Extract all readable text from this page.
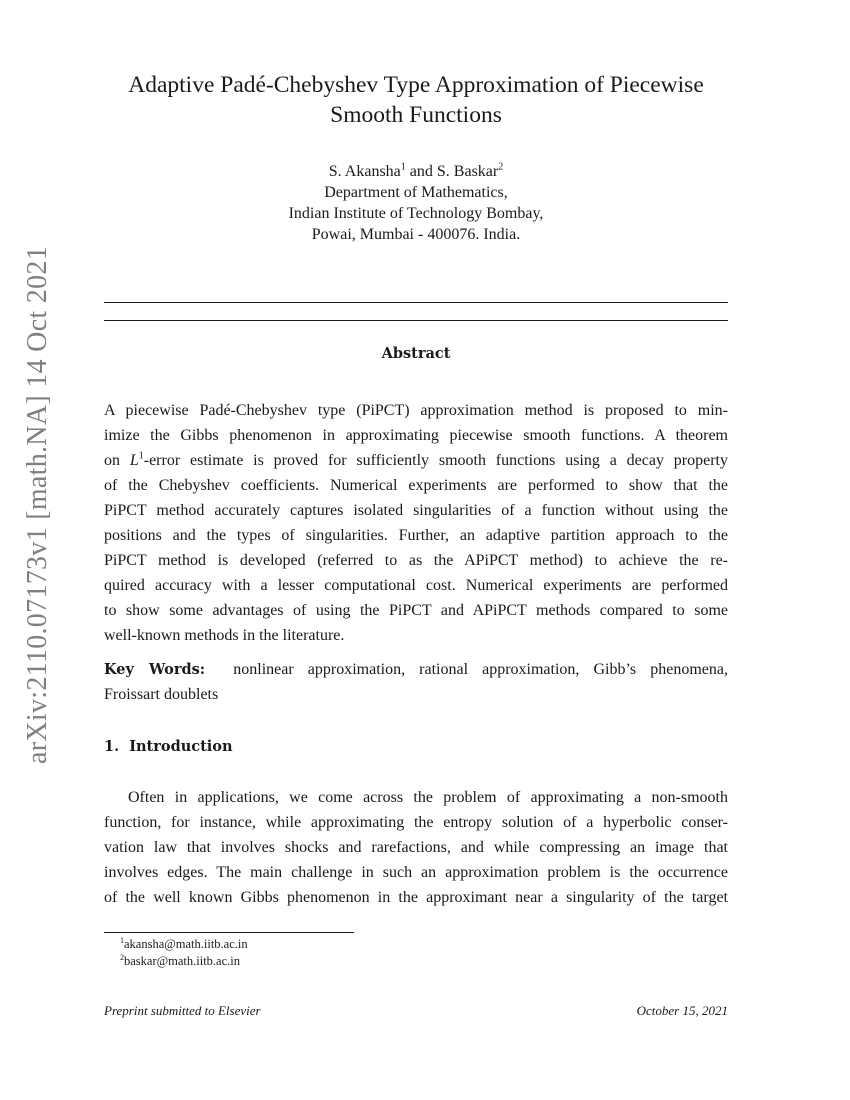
arXiv:2110.07173v1 [math.NA] 14 Oct 2021
Adaptive Padé-Chebyshev Type Approximation of Piecewise
Smooth Functions
S. Akansha$^1$ and S. Baskar$^2$
Department of Mathematics,
Indian Institute of Technology Bombay,
Powai, Mumbai - 400076. India.
Abstract
A piecewise Padé-Chebyshev type (PiPCT) approximation method is proposed to min-
imize the Gibbs phenomenon in approximating piecewise smooth functions. A theorem
on $L^1$-error estimate is proved for sufficiently smooth functions using a decay property
of the Chebyshev coefficients. Numerical experiments are performed to show that the
PiPCT method accurately captures isolated singularities of a function without using the
positions and the types of singularities. Further, an adaptive partition approach to the
PiPCT method is developed (referred to as the APiPCT method) to achieve the re-
quired accuracy with a lesser computational cost. Numerical experiments are performed
to show some advantages of using the PiPCT and APiPCT methods compared to some
well-known methods in the literature.
Key Words:  nonlinear approximation, rational approximation, Gibb’s phenomena,
Froissart doublets
1.  Introduction
Often in applications, we come across the problem of approximating a non-smooth
function, for instance, while approximating the entropy solution of a hyperbolic conser-
vation law that involves shocks and rarefactions, and while compressing an image that
involves edges. The main challenge in such an approximation problem is the occurrence
of the well known Gibbs phenomenon in the approximant near a singularity of the target
$^1$akansha@math.iitb.ac.in
$^2$baskar@math.iitb.ac.in
Preprint submitted to Elsevier	October 15, 2021
